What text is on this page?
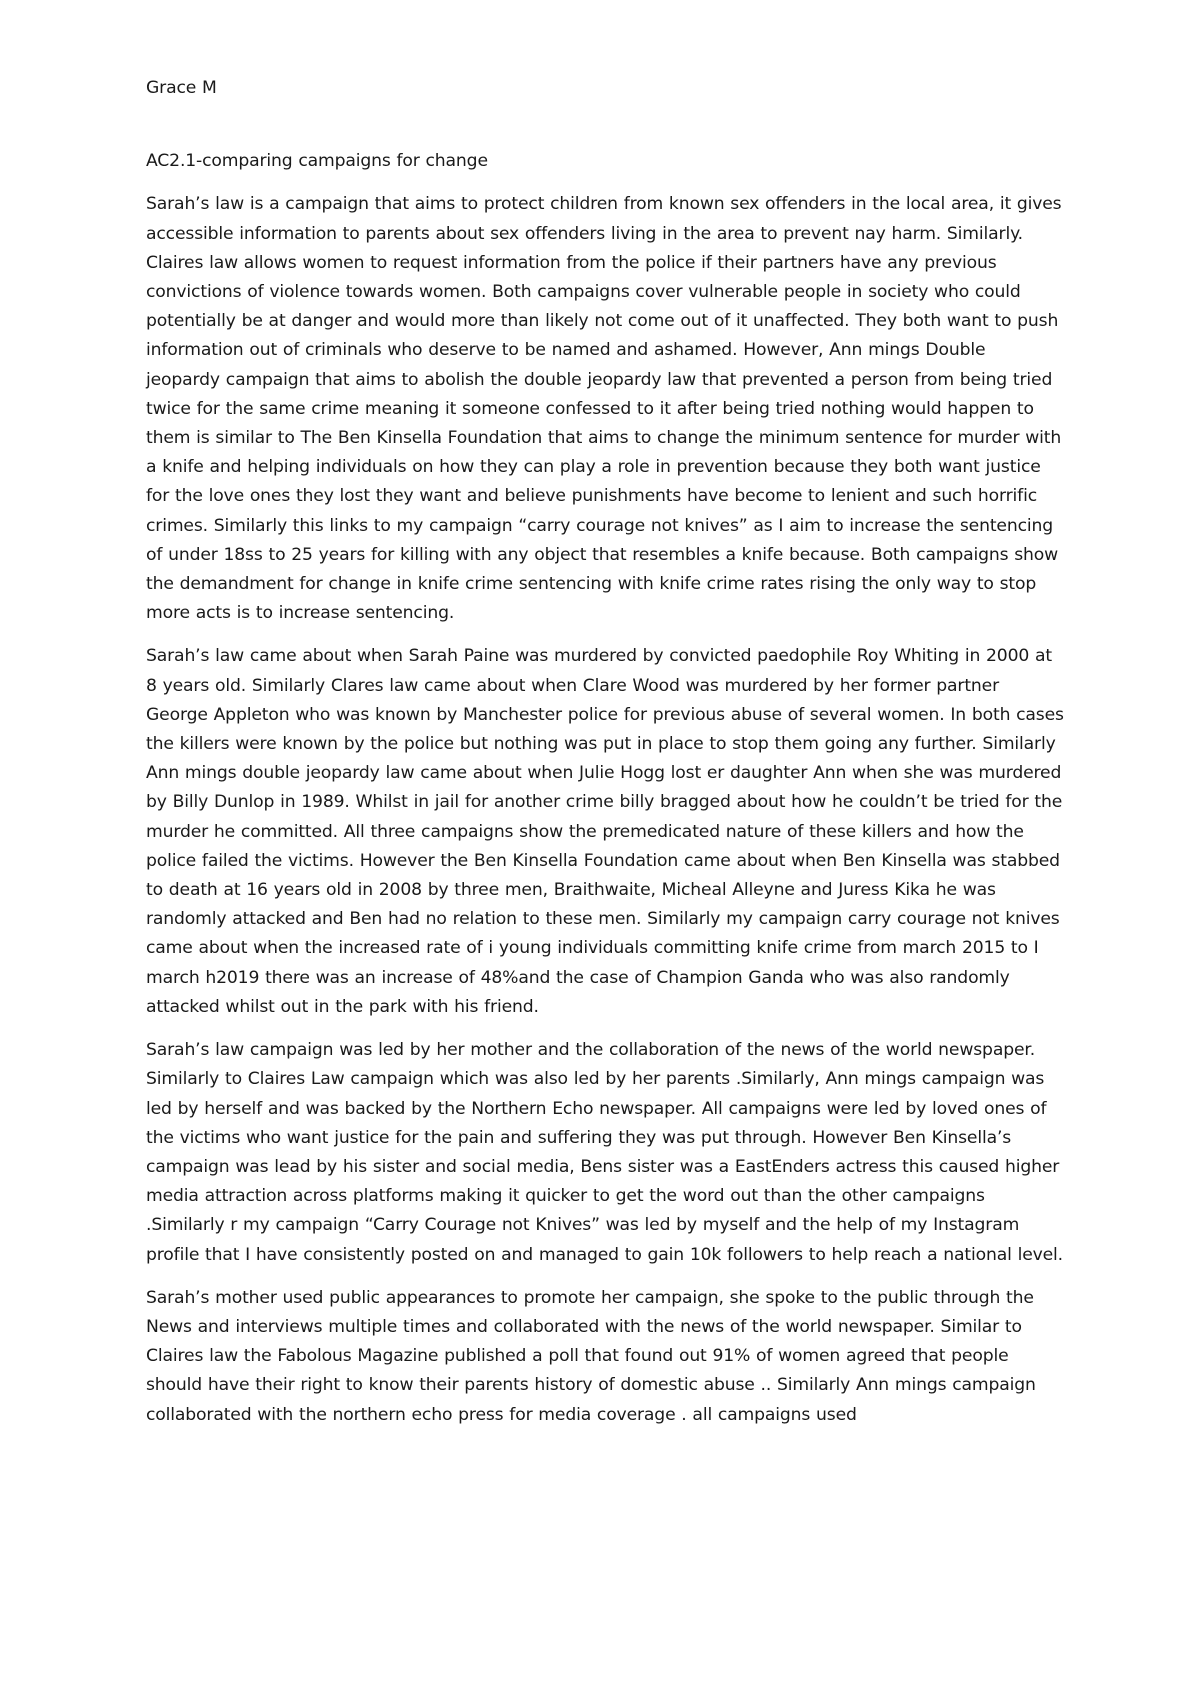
Grace M

AC2.1-comparing campaigns for change

Sarah’s law is a campaign that aims to protect children from known sex offenders in the local area, it gives accessible information to parents about sex offenders living in the area to prevent nay harm. Similarly. Claires law allows women to request information from the police if their partners have any previous convictions of violence towards women. Both campaigns cover vulnerable people in society who could potentially be at danger and would more than likely not come out of it unaffected. They both want to push information out of criminals who deserve to be named and ashamed. However, Ann mings Double jeopardy campaign that aims to abolish the double jeopardy law that prevented a person from being tried twice for the same crime meaning it someone confessed to it after being tried nothing would happen to them is similar to The Ben Kinsella Foundation that aims to change the minimum sentence for murder with a knife and helping individuals on how they can play a role in prevention because they both want justice for the love ones they lost they want and believe punishments have become to lenient and such horrific crimes. Similarly this links to my campaign “carry courage not knives” as I aim to increase the sentencing of under 18ss to 25 years for killing with any object that resembles a knife because. Both campaigns show the demandment for change in knife crime sentencing with knife crime rates rising the only way to stop more acts is to increase sentencing.

Sarah’s law came about when Sarah Paine was murdered by convicted paedophile Roy Whiting in 2000 at 8 years old. Similarly Clares law came about when Clare Wood was murdered by her former partner George Appleton who was known by Manchester police for previous abuse of several women. In both cases the killers were known by the police but nothing was put in place to stop them going any further. Similarly Ann mings double jeopardy law came about when Julie Hogg lost er daughter Ann when she was murdered by Billy Dunlop in 1989. Whilst in jail for another crime billy bragged about how he couldn’t be tried for the murder he committed. All three campaigns show the premedicated nature of these killers and how the police failed the victims. However the Ben Kinsella Foundation came about when Ben Kinsella was stabbed to death at 16 years old in 2008 by three men, Braithwaite, Micheal Alleyne and Juress Kika he was randomly attacked and Ben had no relation to these men. Similarly my campaign carry courage not knives came about when the increased rate of i young individuals committing knife crime from march 2015 to I march h2019 there was an increase of 48%and the case of Champion Ganda who was also randomly attacked whilst out in the park with his friend.

Sarah’s law campaign was led by her mother and the collaboration of the news of the world newspaper. Similarly to Claires Law campaign which was also led by her parents .Similarly, Ann mings campaign was led by herself and was backed by the Northern Echo newspaper. All campaigns were led by loved ones of the victims who want justice for the pain and suffering they was put through. However Ben Kinsella’s campaign was lead by his sister and social media, Bens sister was a EastEnders actress this caused higher media attraction across platforms making it quicker to get the word out than the other campaigns .Similarly r my campaign “Carry Courage not Knives” was led by myself and the help of my Instagram profile that I have consistently posted on and managed to gain 10k followers to help reach a national level.

Sarah’s mother used public appearances to promote her campaign, she spoke to the public through the News and interviews multiple times and collaborated with the news of the world newspaper. Similar to Claires law the Fabolous Magazine published a poll that found out 91% of women agreed that people should have their right to know their parents history of domestic abuse .. Similarly Ann mings campaign collaborated with the northern echo press for media coverage . all campaigns used
